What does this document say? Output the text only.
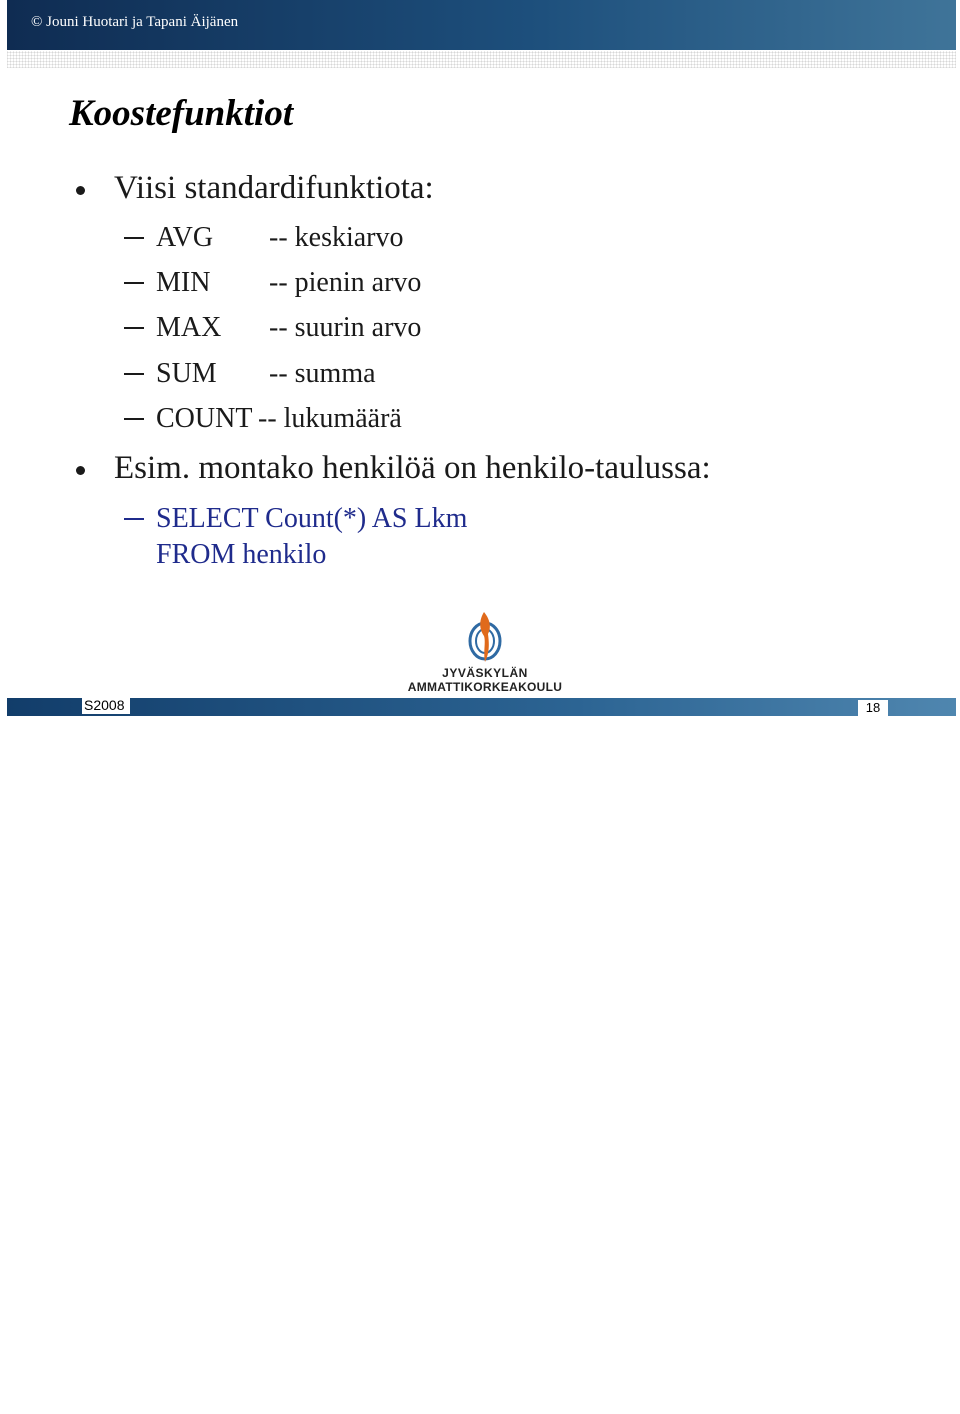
© Jouni Huotari ja Tapani Äijänen
Koostefunktiot
Viisi standardifunktiota:
AVG -- keskiarvo
MIN -- pienin arvo
MAX -- suurin arvo
SUM -- summa
COUNT -- lukumäärä
Esim. montako henkilöä on henkilo-taulussa:
SELECT Count(*) AS Lkm
FROM henkilo
JYVÄSKYLÄN
AMMATTIKORKEAKOULU
Osaaminen kilpailukyvyksi
S2008	18
